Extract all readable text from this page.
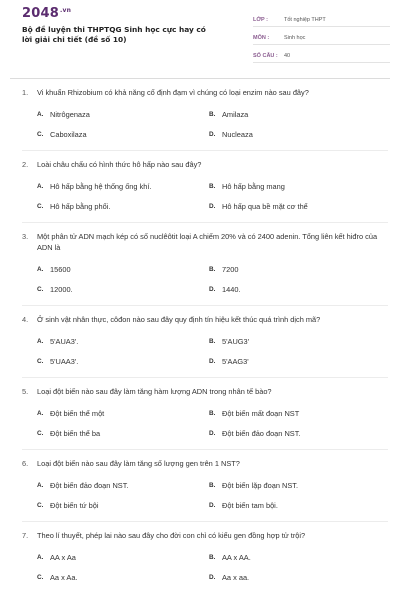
$2048^{.vn}$
Bộ đề luyện thi THPTQG Sinh học cực hay có lời giải chi tiết (đề số 10)
LỚP :	Tốt nghiệp THPT
MÔN :	Sinh học
SỐ CÂU :	40
1.	Vi khuẩn Rhizobium có khả năng cố định đạm vì chúng có loại enzim nào sau đây?
A. Nitrôgenaza	B. Amilaza
C. Caboxilaza	D. Nucleaza
2.	Loài châu chấu có hình thức hô hấp nào sau đây?
A. Hô hấp bằng hệ thống ống khí.	B. Hô hấp bằng mang
C. Hô hấp bằng phổi.	D. Hô hấp qua bề mặt cơ thể
3.	Một phân tử ADN mạch kép có số nuclêôtit loại A chiếm 20% và có 2400 adenin. Tổng liên kết hiđro của ADN là
A. 15600	B. 7200
C. 12000.	D. 1440.
4.	Ở sinh vật nhân thực, côđon nào sau đây quy định tín hiệu kết thúc quá trình dịch mã?
A. 5'AUA3'.	B. 5'AUG3'
C. 5'UAA3'.	D. 5'AAG3'
5.	Loại đột biến nào sau đây làm tăng hàm lượng ADN trong nhân tế bào?
A. Đột biến thể một	B. Đột biến mất đoạn NST
C. Đột biến thể ba	D. Đột biến đảo đoạn NST.
6.	Loại đột biến nào sau đây làm tăng số lượng gen trên 1 NST?
A. Đột biến đảo đoạn NST.	B. Đột biến lặp đoạn NST.
C. Đột biến tứ bội	D. Đột biến tam bội.
7.	Theo lí thuyết, phép lai nào sau đây cho đời con chỉ có kiểu gen đồng hợp tử trội?
A. AA x Aa	B. AA x AA.
C. Aa x Aa.	D. Aa x aa.
